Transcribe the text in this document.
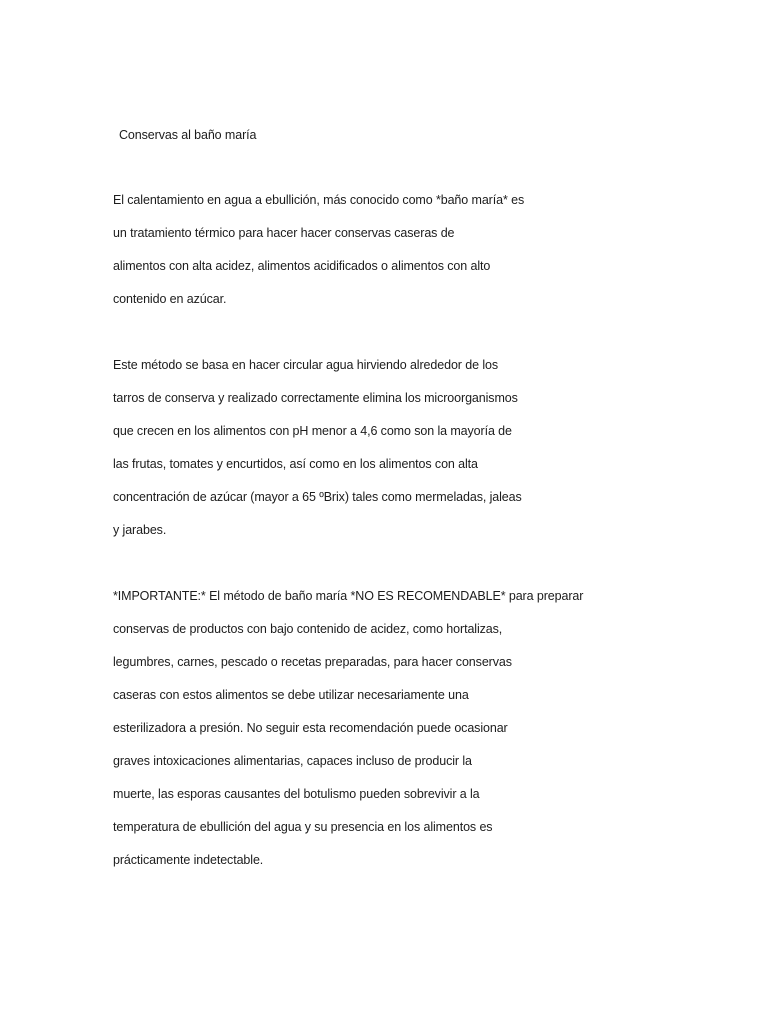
Conservas al baño maría
El calentamiento en agua a ebullición, más conocido como *baño maría* es
un tratamiento térmico para hacer hacer conservas caseras de
alimentos con alta acidez, alimentos acidificados o alimentos con alto
contenido en azúcar.
Este método se basa en hacer circular agua hirviendo alrededor de los
tarros de conserva y realizado correctamente elimina los microorganismos
que crecen en los alimentos con pH menor a 4,6 como son la mayoría de
las frutas, tomates y encurtidos, así como en los alimentos con alta
concentración de azúcar (mayor a 65 ºBrix) tales como mermeladas, jaleas
y jarabes.
*IMPORTANTE:* El método de baño maría *NO ES RECOMENDABLE* para preparar
conservas de productos con bajo contenido de acidez, como hortalizas,
legumbres, carnes, pescado o recetas preparadas, para hacer conservas
caseras con estos alimentos se debe utilizar necesariamente una
esterilizadora a presión. No seguir esta recomendación puede ocasionar
graves intoxicaciones alimentarias, capaces incluso de producir la
muerte, las esporas causantes del botulismo pueden sobrevivir a la
temperatura de ebullición del agua y su presencia en los alimentos es
prácticamente indetectable.
